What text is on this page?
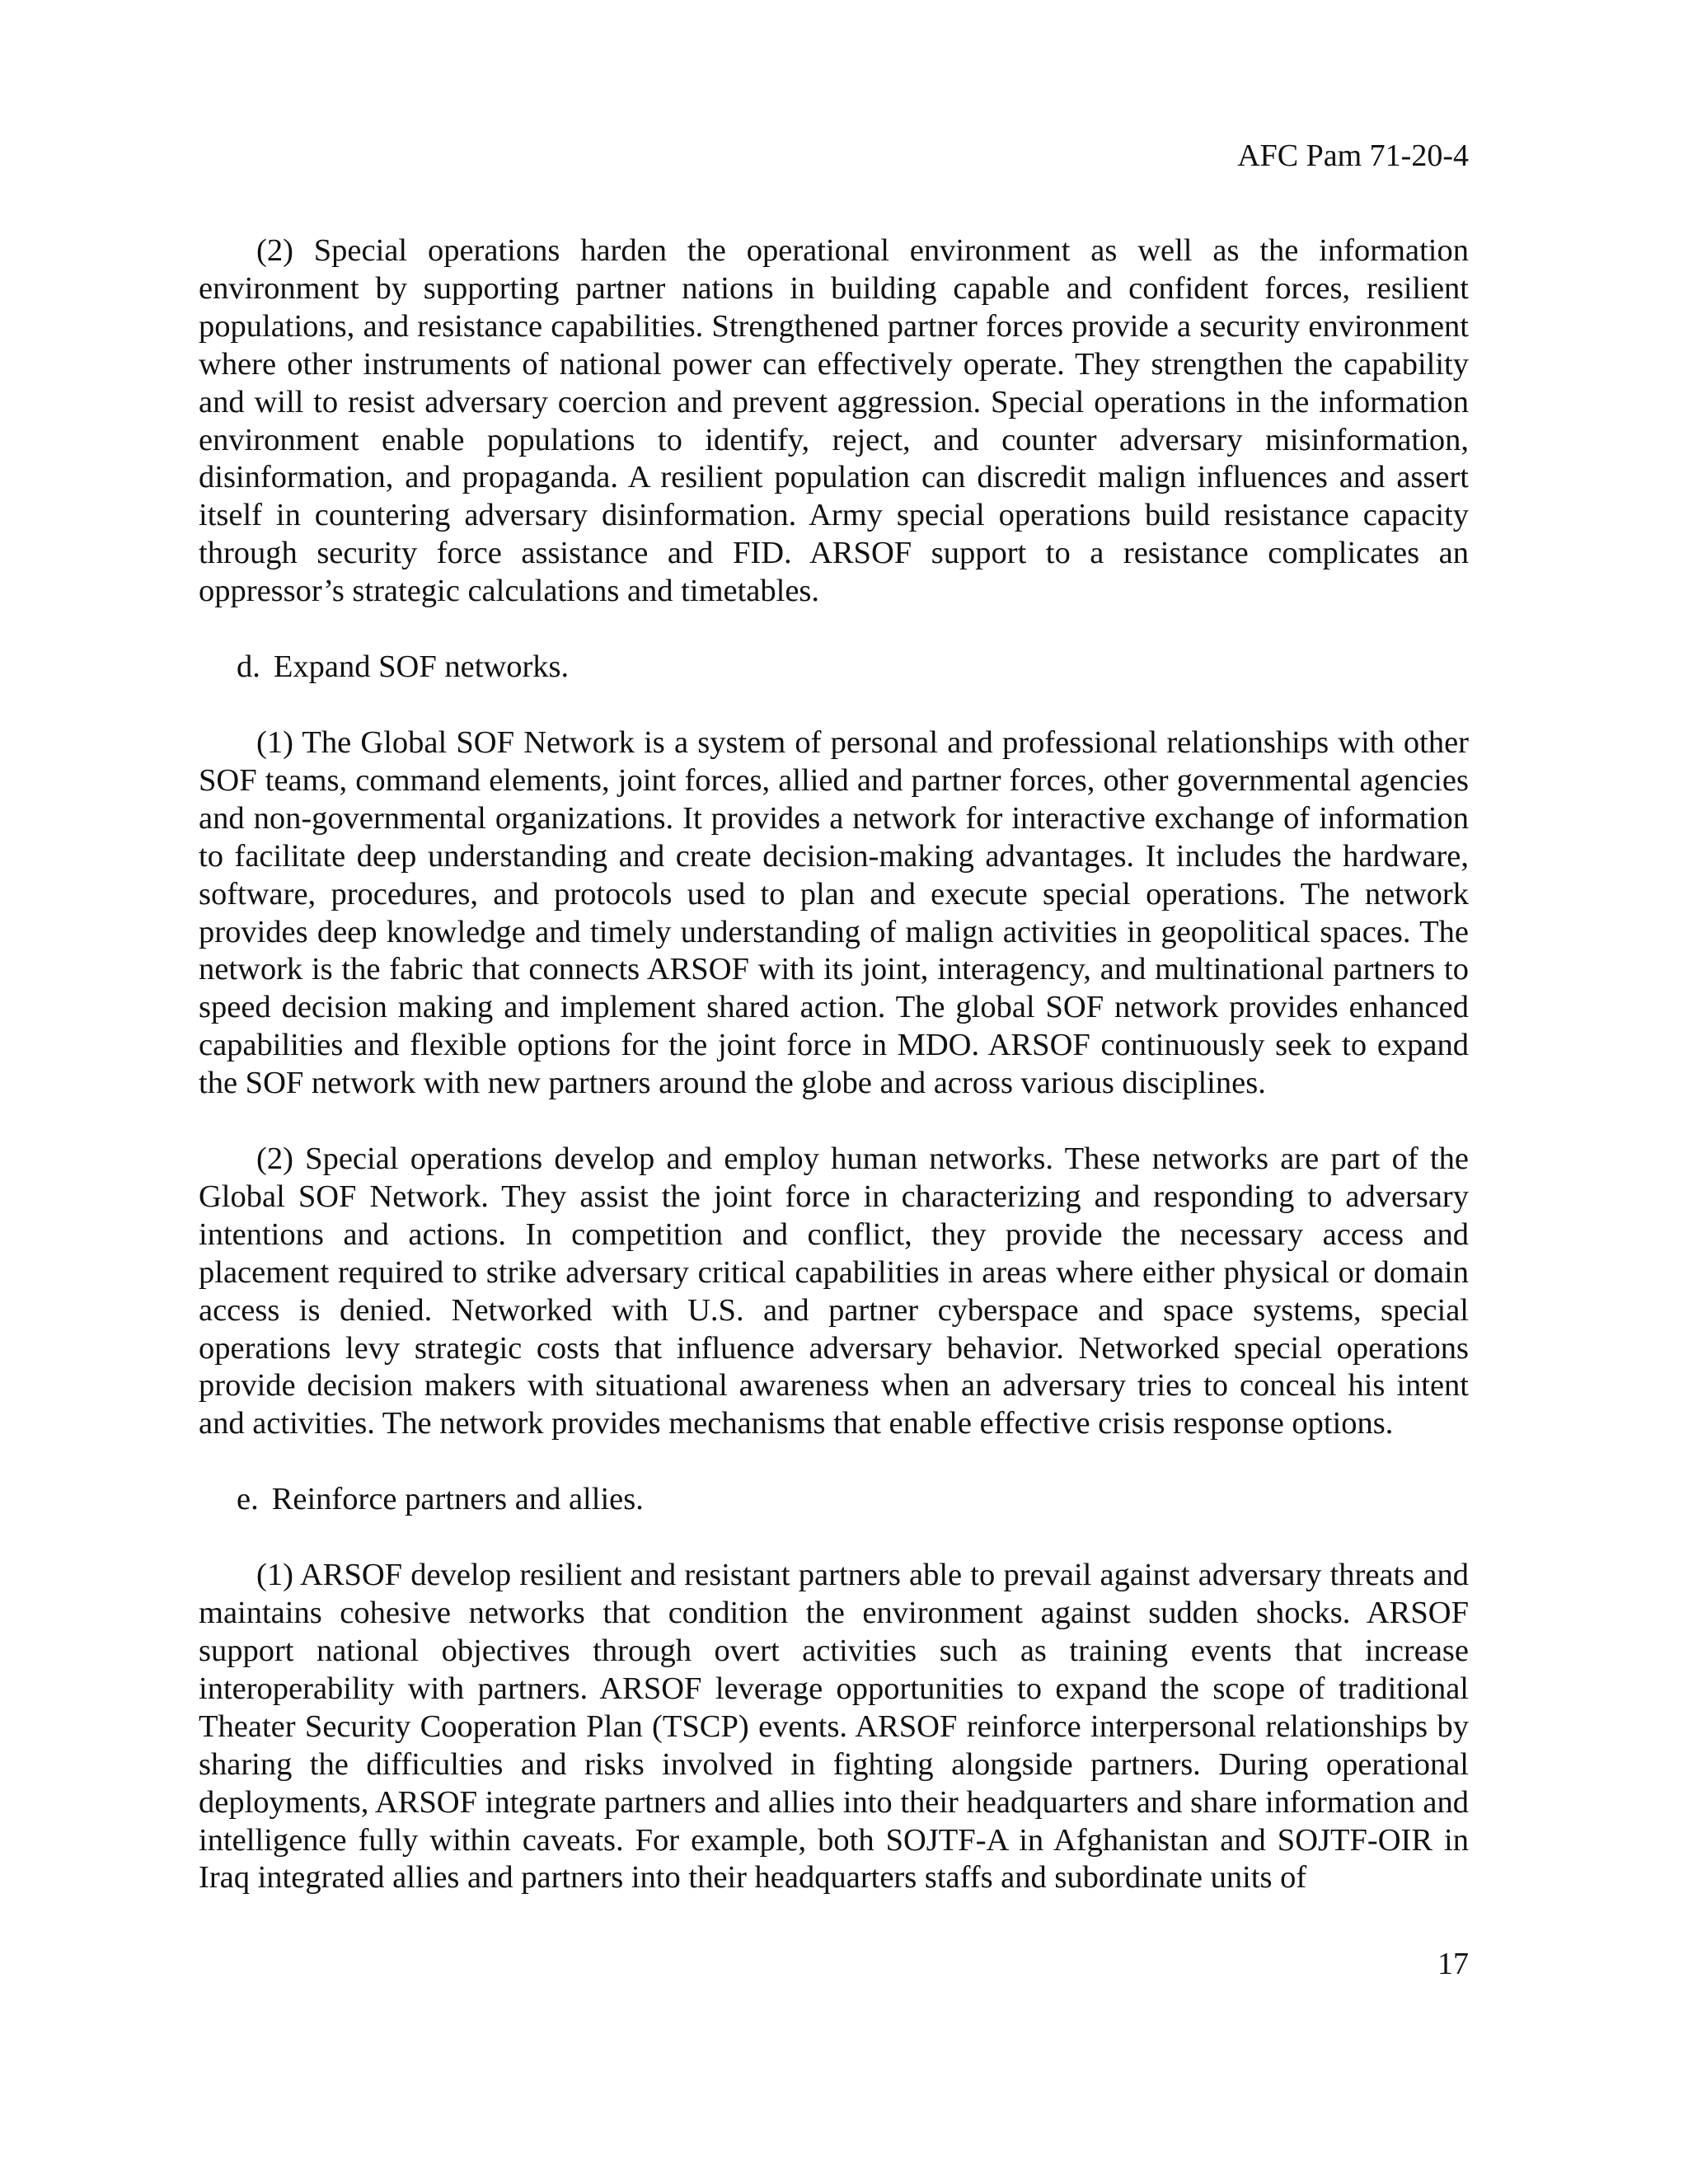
AFC Pam 71-20-4

(2) Special operations harden the operational environment as well as the information environment by supporting partner nations in building capable and confident forces, resilient populations, and resistance capabilities. Strengthened partner forces provide a security environment where other instruments of national power can effectively operate. They strengthen the capability and will to resist adversary coercion and prevent aggression. Special operations in the information environment enable populations to identify, reject, and counter adversary misinformation, disinformation, and propaganda. A resilient population can discredit malign influences and assert itself in countering adversary disinformation. Army special operations build resistance capacity through security force assistance and FID. ARSOF support to a resistance complicates an oppressor’s strategic calculations and timetables.

d. Expand SOF networks.

(1) The Global SOF Network is a system of personal and professional relationships with other SOF teams, command elements, joint forces, allied and partner forces, other governmental agencies and non-governmental organizations. It provides a network for interactive exchange of information to facilitate deep understanding and create decision-making advantages. It includes the hardware, software, procedures, and protocols used to plan and execute special operations. The network provides deep knowledge and timely understanding of malign activities in geopolitical spaces. The network is the fabric that connects ARSOF with its joint, interagency, and multinational partners to speed decision making and implement shared action. The global SOF network provides enhanced capabilities and flexible options for the joint force in MDO. ARSOF continuously seek to expand the SOF network with new partners around the globe and across various disciplines.

(2) Special operations develop and employ human networks. These networks are part of the Global SOF Network. They assist the joint force in characterizing and responding to adversary intentions and actions. In competition and conflict, they provide the necessary access and placement required to strike adversary critical capabilities in areas where either physical or domain access is denied. Networked with U.S. and partner cyberspace and space systems, special operations levy strategic costs that influence adversary behavior. Networked special operations provide decision makers with situational awareness when an adversary tries to conceal his intent and activities. The network provides mechanisms that enable effective crisis response options.

e. Reinforce partners and allies.

(1) ARSOF develop resilient and resistant partners able to prevail against adversary threats and maintains cohesive networks that condition the environment against sudden shocks. ARSOF support national objectives through overt activities such as training events that increase interoperability with partners. ARSOF leverage opportunities to expand the scope of traditional Theater Security Cooperation Plan (TSCP) events. ARSOF reinforce interpersonal relationships by sharing the difficulties and risks involved in fighting alongside partners. During operational deployments, ARSOF integrate partners and allies into their headquarters and share information and intelligence fully within caveats. For example, both SOJTF-A in Afghanistan and SOJTF-OIR in Iraq integrated allies and partners into their headquarters staffs and subordinate units of

17
